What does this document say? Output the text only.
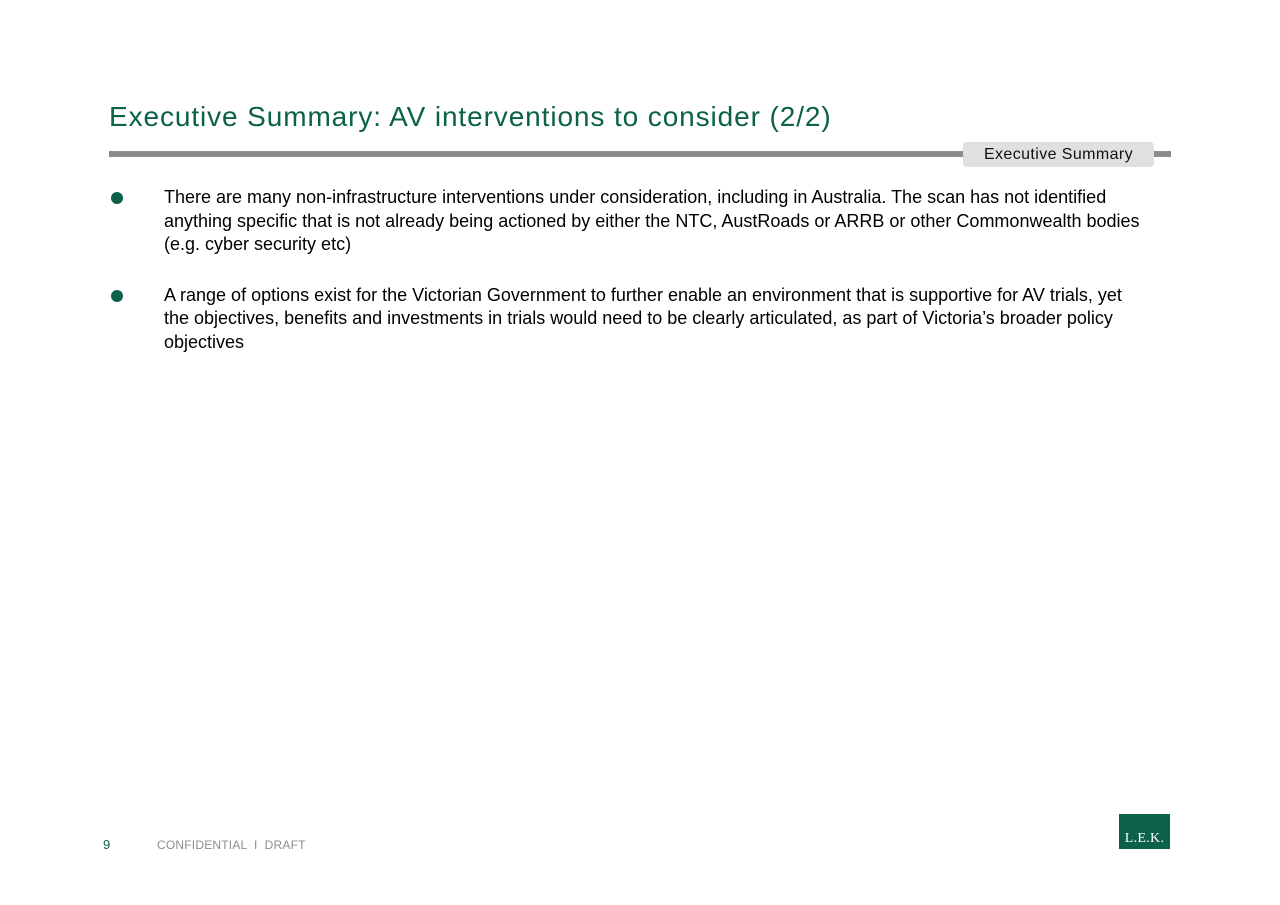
Executive Summary: AV interventions to consider (2/2)
Executive Summary
There are many non-infrastructure interventions under consideration, including in Australia. The scan has not identified anything specific that is not already being actioned by either the NTC, AustRoads or ARRB or other Commonwealth bodies (e.g. cyber security etc)
A range of options exist for the Victorian Government to further enable an environment that is supportive for AV trials, yet the objectives, benefits and investments in trials would need to be clearly articulated, as part of Victoria’s broader policy objectives
9	CONFIDENTIAL  I  DRAFT	L.E.K.
